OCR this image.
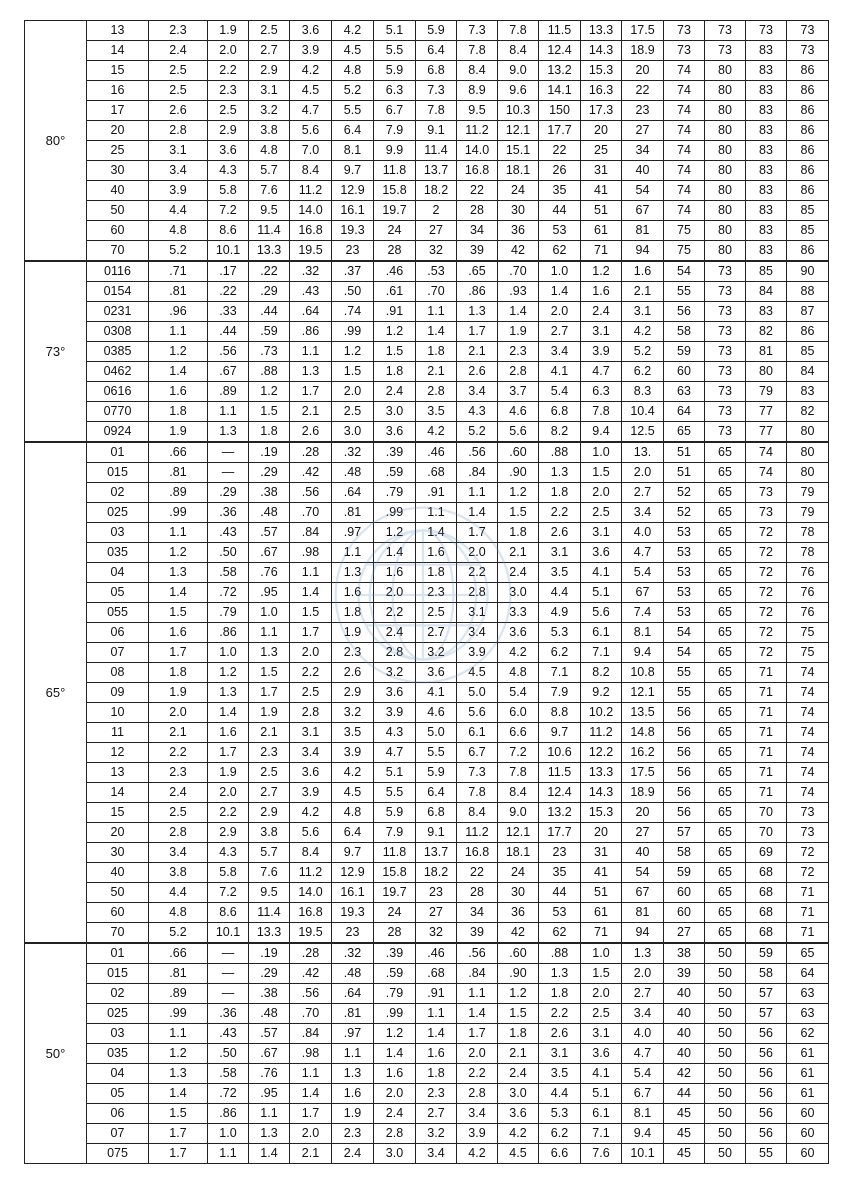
80°	13	2.3	1.9	2.5	3.6	4.2	5.1	5.9	7.3	7.8	11.5	13.3	17.5	73	73	73	73
	14	2.4	2.0	2.7	3.9	4.5	5.5	6.4	7.8	8.4	12.4	14.3	18.9	73	73	83	73
	15	2.5	2.2	2.9	4.2	4.8	5.9	6.8	8.4	9.0	13.2	15.3	20	74	80	83	86
	16	2.5	2.3	3.1	4.5	5.2	6.3	7.3	8.9	9.6	14.1	16.3	22	74	80	83	86
	17	2.6	2.5	3.2	4.7	5.5	6.7	7.8	9.5	10.3	150	17.3	23	74	80	83	86
	20	2.8	2.9	3.8	5.6	6.4	7.9	9.1	11.2	12.1	17.7	20	27	74	80	83	86
	25	3.1	3.6	4.8	7.0	8.1	9.9	11.4	14.0	15.1	22	25	34	74	80	83	86
	30	3.4	4.3	5.7	8.4	9.7	11.8	13.7	16.8	18.1	26	31	40	74	80	83	86
	40	3.9	5.8	7.6	11.2	12.9	15.8	18.2	22	24	35	41	54	74	80	83	86
	50	4.4	7.2	9.5	14.0	16.1	19.7	2	28	30	44	51	67	74	80	83	85
	60	4.8	8.6	11.4	16.8	19.3	24	27	34	36	53	61	81	75	80	83	85
	70	5.2	10.1	13.3	19.5	23	28	32	39	42	62	71	94	75	80	83	86
73°	0116	.71	.17	.22	.32	.37	.46	.53	.65	.70	1.0	1.2	1.6	54	73	85	90
	0154	.81	.22	.29	.43	.50	.61	.70	.86	.93	1.4	1.6	2.1	55	73	84	88
	0231	.96	.33	.44	.64	.74	.91	1.1	1.3	1.4	2.0	2.4	3.1	56	73	83	87
	0308	1.1	.44	.59	.86	.99	1.2	1.4	1.7	1.9	2.7	3.1	4.2	58	73	82	86
	0385	1.2	.56	.73	1.1	1.2	1.5	1.8	2.1	2.3	3.4	3.9	5.2	59	73	81	85
	0462	1.4	.67	.88	1.3	1.5	1.8	2.1	2.6	2.8	4.1	4.7	6.2	60	73	80	84
	0616	1.6	.89	1.2	1.7	2.0	2.4	2.8	3.4	3.7	5.4	6.3	8.3	63	73	79	83
	0770	1.8	1.1	1.5	2.1	2.5	3.0	3.5	4.3	4.6	6.8	7.8	10.4	64	73	77	82
	0924	1.9	1.3	1.8	2.6	3.0	3.6	4.2	5.2	5.6	8.2	9.4	12.5	65	73	77	80
65°	01	.66	—	.19	.28	.32	.39	.46	.56	.60	.88	1.0	13.	51	65	74	80
	015	.81	—	.29	.42	.48	.59	.68	.84	.90	1.3	1.5	2.0	51	65	74	80
	02	.89	.29	.38	.56	.64	.79	.91	1.1	1.2	1.8	2.0	2.7	52	65	73	79
	025	.99	.36	.48	.70	.81	.99	1.1	1.4	1.5	2.2	2.5	3.4	52	65	73	79
	03	1.1	.43	.57	.84	.97	1.2	1.4	1.7	1.8	2.6	3.1	4.0	53	65	72	78
	035	1.2	.50	.67	.98	1.1	1.4	1.6	2.0	2.1	3.1	3.6	4.7	53	65	72	78
	04	1.3	.58	.76	1.1	1.3	1.6	1.8	2.2	2.4	3.5	4.1	5.4	53	65	72	76
	05	1.4	.72	.95	1.4	1.6	2.0	2.3	2.8	3.0	4.4	5.1	67	53	65	72	76
	055	1.5	.79	1.0	1.5	1.8	2.2	2.5	3.1	3.3	4.9	5.6	7.4	53	65	72	76
	06	1.6	.86	1.1	1.7	1.9	2.4	2.7	3.4	3.6	5.3	6.1	8.1	54	65	72	75
	07	1.7	1.0	1.3	2.0	2.3	2.8	3.2	3.9	4.2	6.2	7.1	9.4	54	65	72	75
	08	1.8	1.2	1.5	2.2	2.6	3.2	3.6	4.5	4.8	7.1	8.2	10.8	55	65	71	74
	09	1.9	1.3	1.7	2.5	2.9	3.6	4.1	5.0	5.4	7.9	9.2	12.1	55	65	71	74
	10	2.0	1.4	1.9	2.8	3.2	3.9	4.6	5.6	6.0	8.8	10.2	13.5	56	65	71	74
	11	2.1	1.6	2.1	3.1	3.5	4.3	5.0	6.1	6.6	9.7	11.2	14.8	56	65	71	74
	12	2.2	1.7	2.3	3.4	3.9	4.7	5.5	6.7	7.2	10.6	12.2	16.2	56	65	71	74
	13	2.3	1.9	2.5	3.6	4.2	5.1	5.9	7.3	7.8	11.5	13.3	17.5	56	65	71	74
	14	2.4	2.0	2.7	3.9	4.5	5.5	6.4	7.8	8.4	12.4	14.3	18.9	56	65	71	74
	15	2.5	2.2	2.9	4.2	4.8	5.9	6.8	8.4	9.0	13.2	15.3	20	56	65	70	73
	20	2.8	2.9	3.8	5.6	6.4	7.9	9.1	11.2	12.1	17.7	20	27	57	65	70	73
	30	3.4	4.3	5.7	8.4	9.7	11.8	13.7	16.8	18.1	23	31	40	58	65	69	72
	40	3.8	5.8	7.6	11.2	12.9	15.8	18.2	22	24	35	41	54	59	65	68	72
	50	4.4	7.2	9.5	14.0	16.1	19.7	23	28	30	44	51	67	60	65	68	71
	60	4.8	8.6	11.4	16.8	19.3	24	27	34	36	53	61	81	60	65	68	71
	70	5.2	10.1	13.3	19.5	23	28	32	39	42	62	71	94	27	65	68	71
50°	01	.66	—	.19	.28	.32	.39	.46	.56	.60	.88	1.0	1.3	38	50	59	65
	015	.81	—	.29	.42	.48	.59	.68	.84	.90	1.3	1.5	2.0	39	50	58	64
	02	.89	—	.38	.56	.64	.79	.91	1.1	1.2	1.8	2.0	2.7	40	50	57	63
	025	.99	.36	.48	.70	.81	.99	1.1	1.4	1.5	2.2	2.5	3.4	40	50	57	63
	03	1.1	.43	.57	.84	.97	1.2	1.4	1.7	1.8	2.6	3.1	4.0	40	50	56	62
	035	1.2	.50	.67	.98	1.1	1.4	1.6	2.0	2.1	3.1	3.6	4.7	40	50	56	61
	04	1.3	.58	.76	1.1	1.3	1.6	1.8	2.2	2.4	3.5	4.1	5.4	42	50	56	61
	05	1.4	.72	.95	1.4	1.6	2.0	2.3	2.8	3.0	4.4	5.1	6.7	44	50	56	61
	06	1.5	.86	1.1	1.7	1.9	2.4	2.7	3.4	3.6	5.3	6.1	8.1	45	50	56	60
	07	1.7	1.0	1.3	2.0	2.3	2.8	3.2	3.9	4.2	6.2	7.1	9.4	45	50	56	60
	075	1.7	1.1	1.4	2.1	2.4	3.0	3.4	4.2	4.5	6.6	7.6	10.1	45	50	55	60
